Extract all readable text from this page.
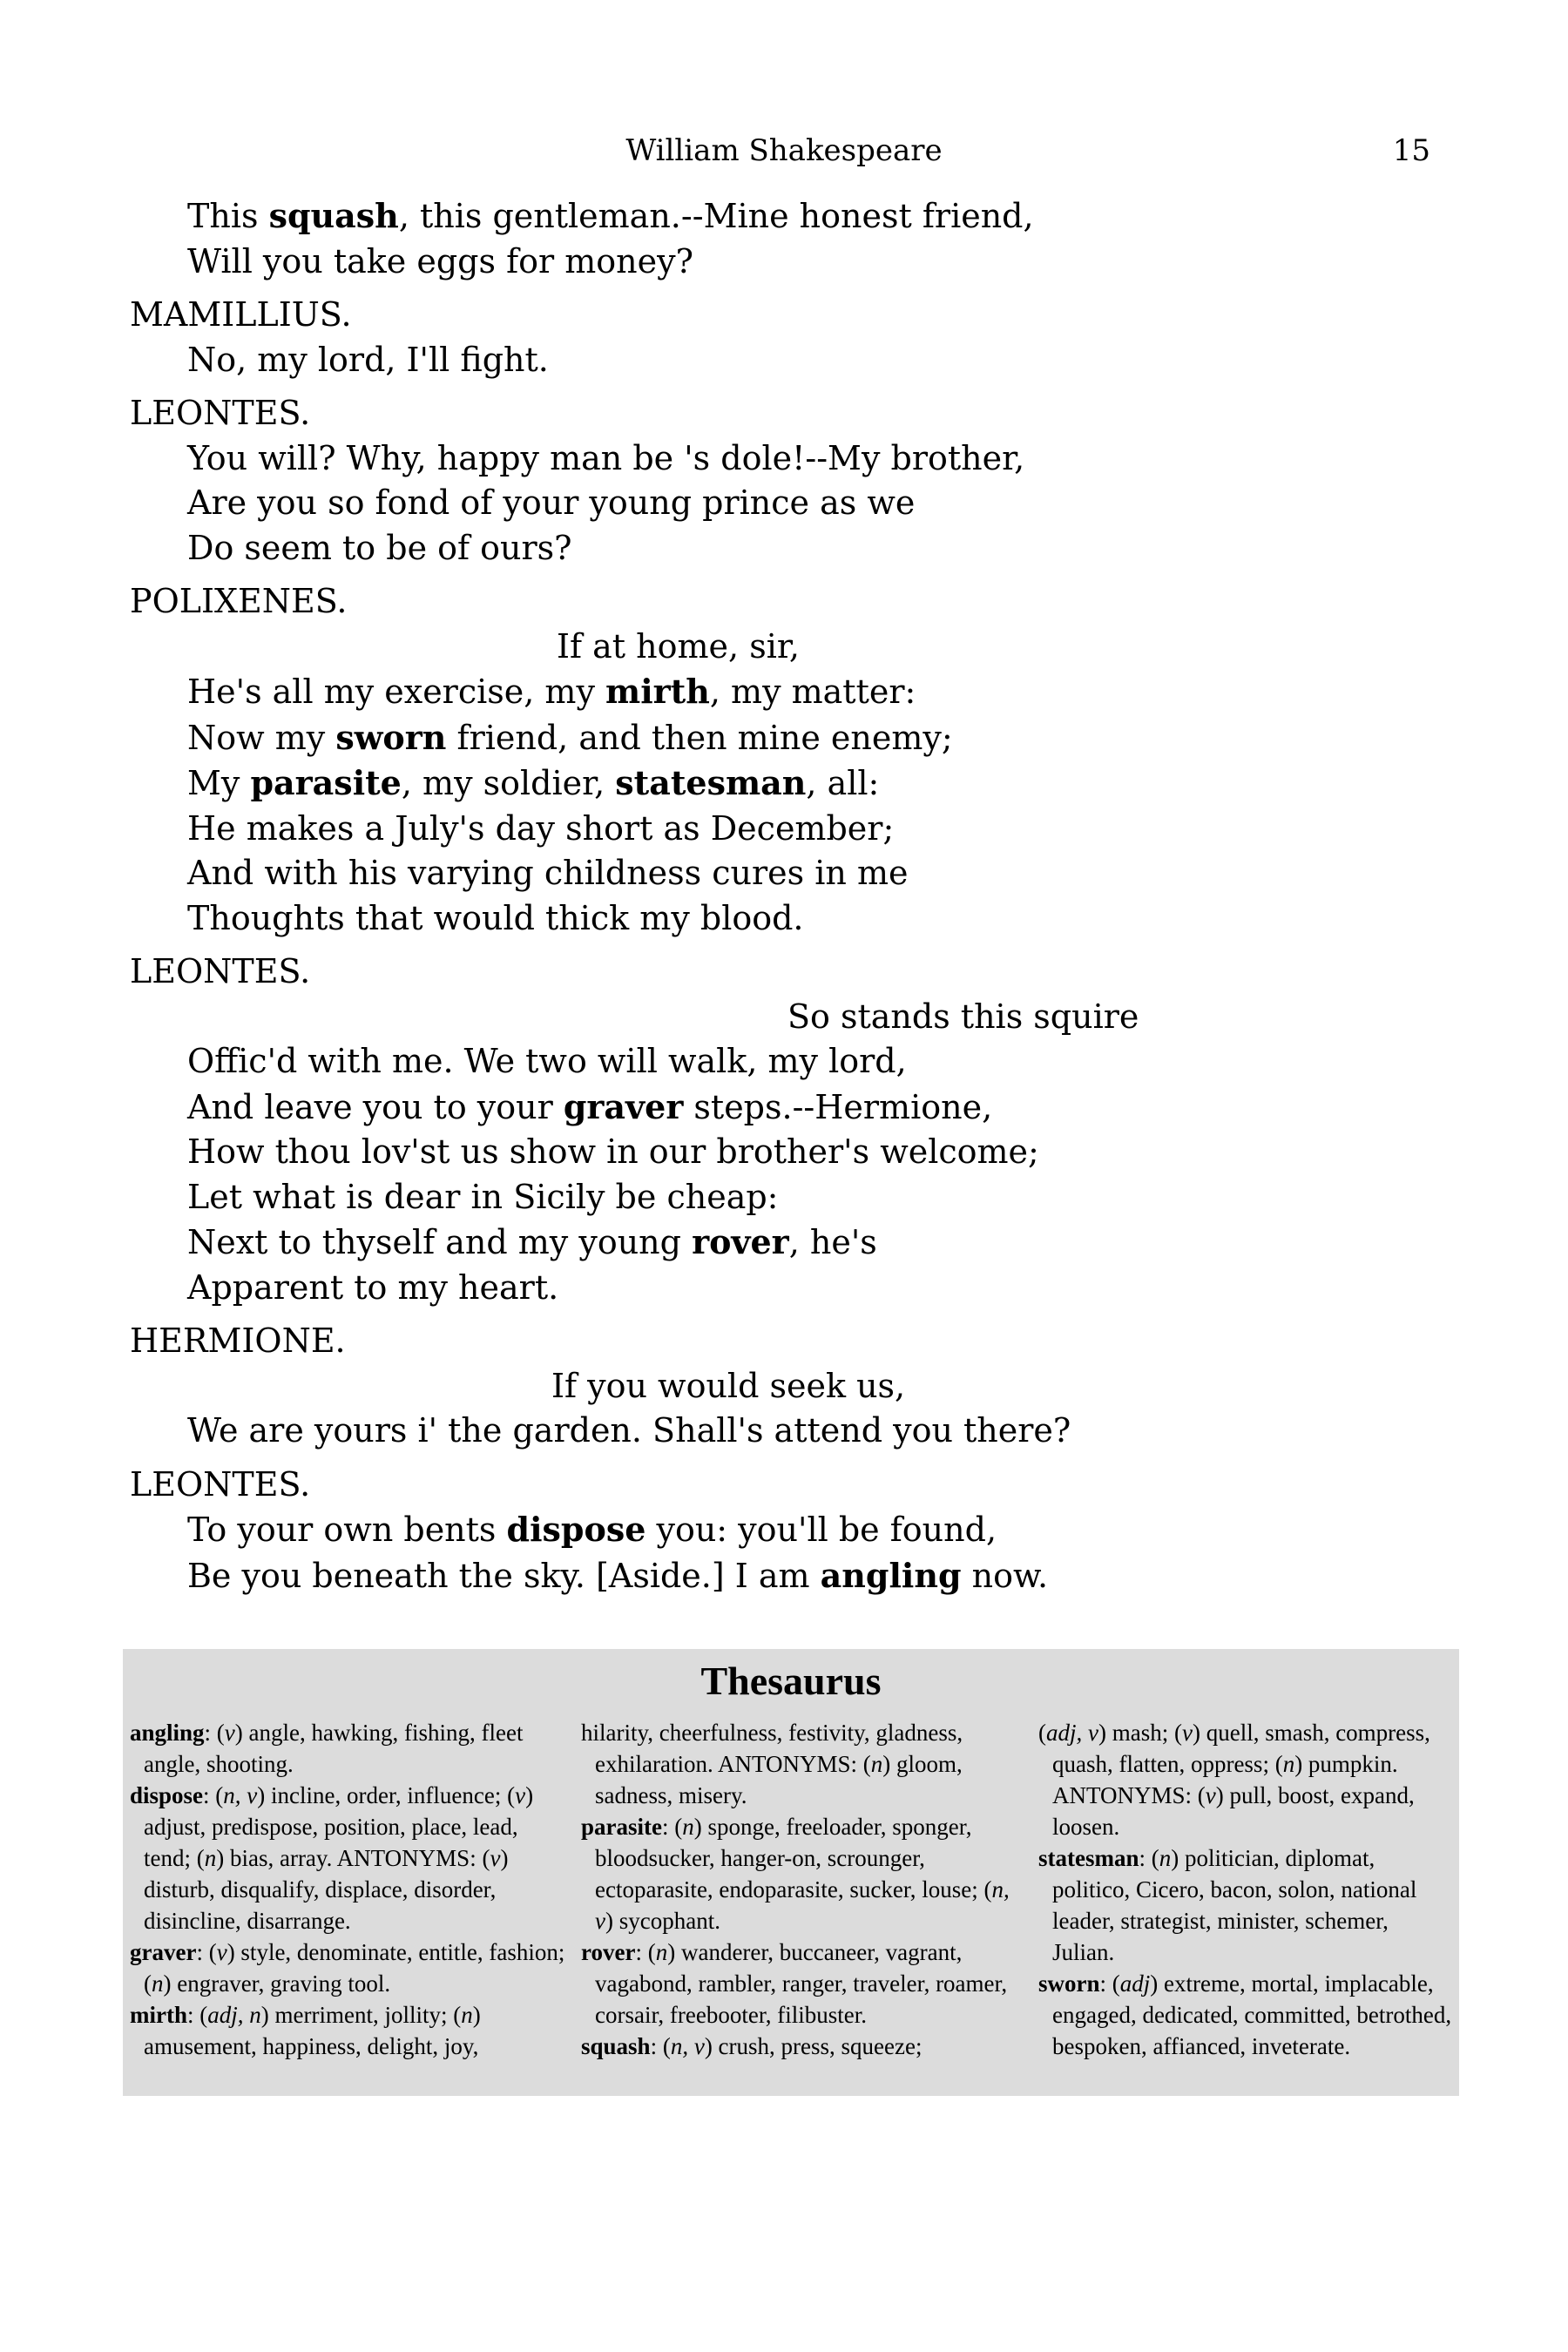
William Shakespeare	15
This squash, this gentleman.--Mine honest friend,
Will you take eggs for money?
MAMILLIUS.
No, my lord, I'll fight.
LEONTES.
You will? Why, happy man be 's dole!--My brother,
Are you so fond of your young prince as we
Do seem to be of ours?
POLIXENES.
If at home, sir,
He's all my exercise, my mirth, my matter:
Now my sworn friend, and then mine enemy;
My parasite, my soldier, statesman, all:
He makes a July's day short as December;
And with his varying childness cures in me
Thoughts that would thick my blood.
LEONTES.
So stands this squire
Offic'd with me. We two will walk, my lord,
And leave you to your graver steps.--Hermione,
How thou lov'st us show in our brother's welcome;
Let what is dear in Sicily be cheap:
Next to thyself and my young rover, he's
Apparent to my heart.
HERMIONE.
If you would seek us,
We are yours i' the garden. Shall's attend you there?
LEONTES.
To your own bents dispose you: you'll be found,
Be you beneath the sky. [Aside.] I am angling now.
Thesaurus

angling: (v) angle, hawking, fishing, fleet angle, shooting.

dispose: (n, v) incline, order, influence; (v) adjust, predispose, position, place, lead, tend; (n) bias, array. ANTONYMS: (v) disturb, disqualify, displace, disorder, disincline, disarrange.

graver: (v) style, denominate, entitle, fashion; (n) engraver, graving tool.

mirth: (adj, n) merriment, jollity; (n) amusement, happiness, delight, joy,

hilarity, cheerfulness, festivity, gladness, exhilaration. ANTONYMS: (n) gloom, sadness, misery.

parasite: (n) sponge, freeloader, sponger, bloodsucker, hanger-on, scrounger, ectoparasite, endoparasite, sucker, louse; (n, v) sycophant.

rover: (n) wanderer, buccaneer, vagrant, vagabond, rambler, ranger, traveler, roamer, corsair, freebooter, filibuster.

squash: (n, v) crush, press, squeeze;

(adj, v) mash; (v) quell, smash, compress, quash, flatten, oppress; (n) pumpkin. ANTONYMS: (v) pull, boost, expand, loosen.

statesman: (n) politician, diplomat, politico, Cicero, bacon, solon, national leader, strategist, minister, schemer, Julian.

sworn: (adj) extreme, mortal, implacable, engaged, dedicated, committed, betrothed, bespoken, affianced, inveterate.
